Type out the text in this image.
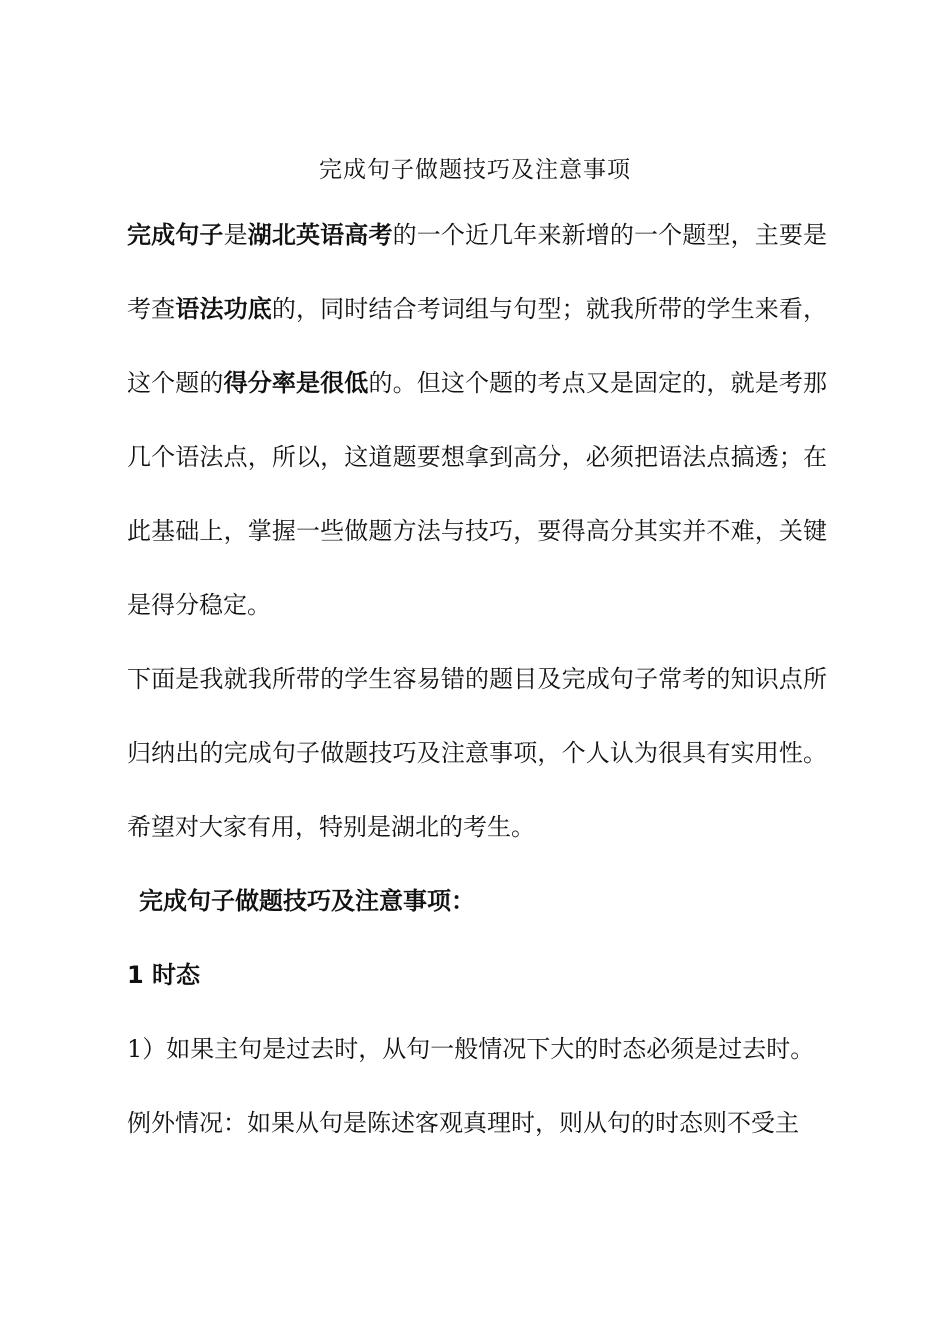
完成句子做题技巧及注意事项

完成句子是湖北英语高考的一个近几年来新增的一个题型，主要是考查语法功底的，同时结合考词组与句型；就我所带的学生来看，这个题的得分率是很低的。但这个题的考点又是固定的，就是考那几个语法点，所以，这道题要想拿到高分，必须把语法点搞透；在此基础上，掌握一些做题方法与技巧，要得高分其实并不难，关键是得分稳定。

下面是我就我所带的学生容易错的题目及完成句子常考的知识点所归纳出的完成句子做题技巧及注意事项，个人认为很具有实用性。希望对大家有用，特别是湖北的考生。

完成句子做题技巧及注意事项：

1 时态

1）如果主句是过去时，从句一般情况下大的时态必须是过去时。

例外情况：如果从句是陈述客观真理时，则从句的时态则不受主
